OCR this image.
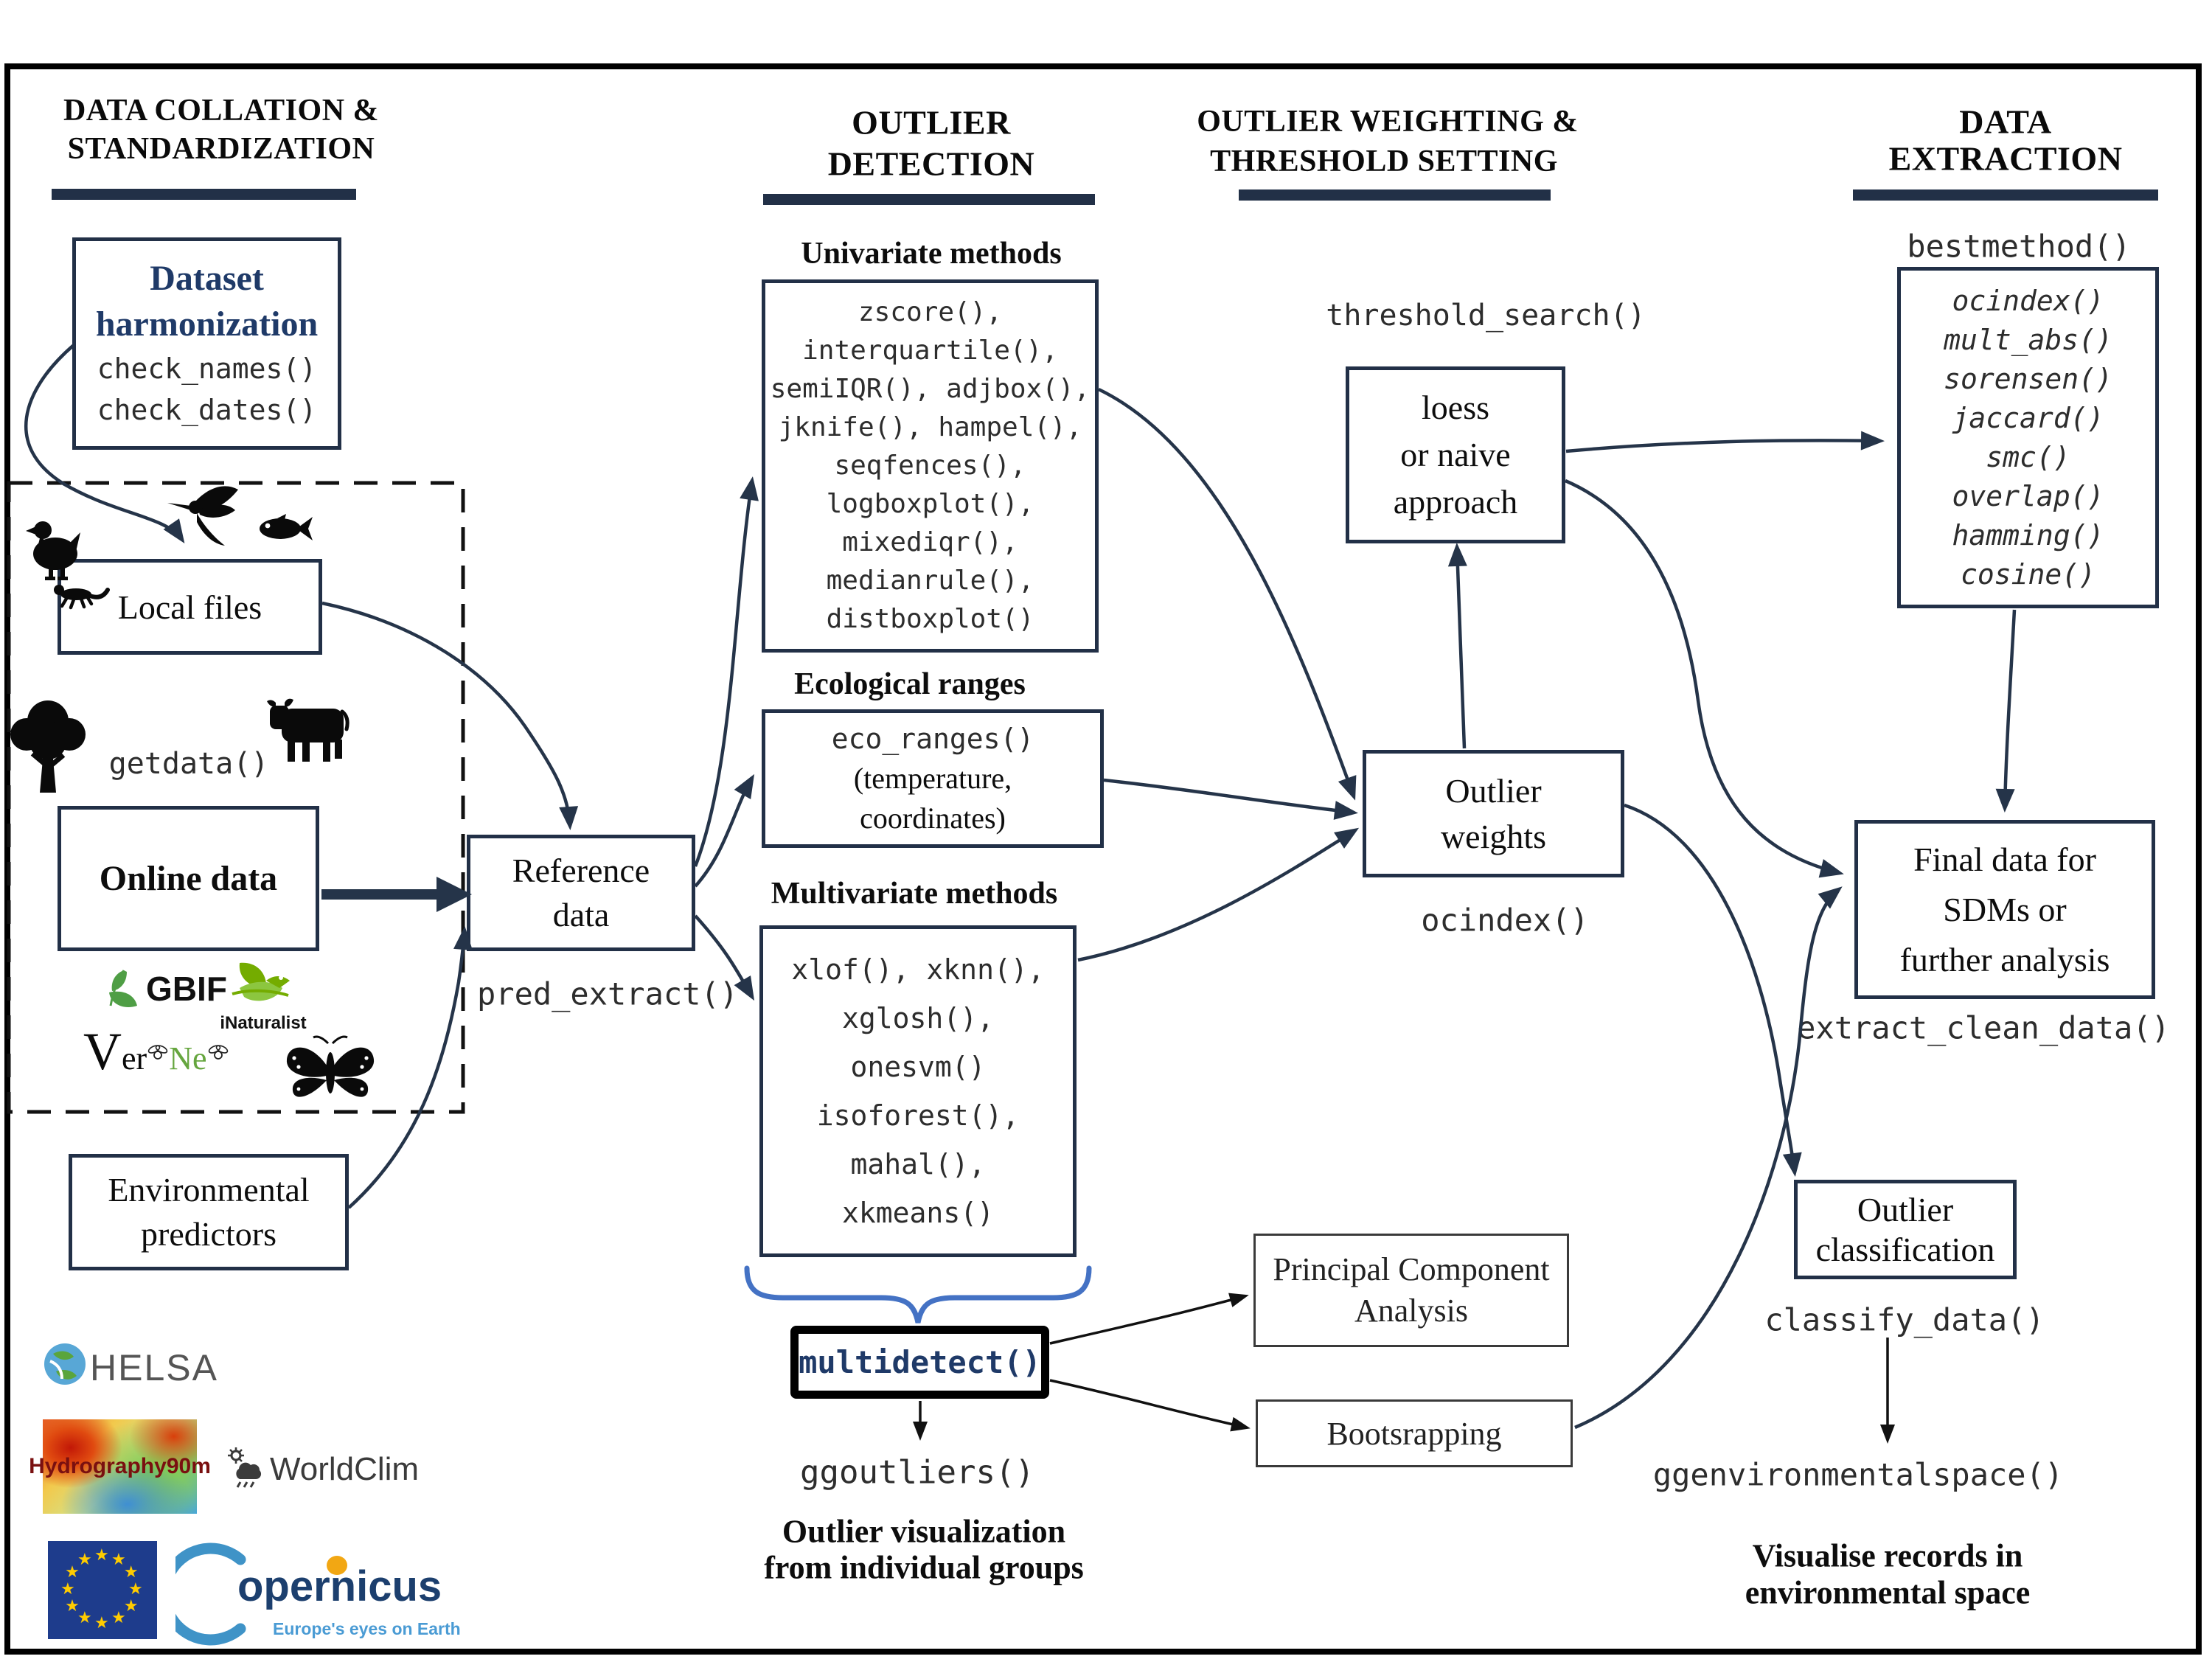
DATA COLLATION &
STANDARDIZATION
OUTLIER
DETECTION
OUTLIER WEIGHTING &
THRESHOLD SETTING
DATA
EXTRACTION
Dataset
harmonization
check_names()
check_dates()
Local files
getdata()
Online data
GBIF
iNaturalist
V er Ne
Environmental
predictors
HELSA
Hydrography90m WorldClim
★ ★
★
★
★
★
★
★
★
★
★
★
opernicus
Europe's eyes on Earth
Reference
data
pred_extract()
Univariate methods
zscore(),
interquartile(),
semiIQR(), adjbox(),
jknife(), hampel(),
seqfences(),
logboxplot(),
mixediqr(),
medianrule(),
distboxplot()
Ecological ranges
eco_ranges()
(temperature,
coordinates)
Multivariate methods
xlof(), xknn(),
xglosh(),
onesvm()
isoforest(),
mahal(),
xkmeans()
multidetect()
ggoutliers()
Outlier visualization
from individual groups
threshold_search()
loess
or naive
approach
Outlier
weights
ocindex()
Principal Component
Analysis
Bootsrapping
bestmethod()
ocindex()
mult_abs()
sorensen()
jaccard()
smc()
overlap()
hamming()
cosine()
Final data for
SDMs or
further analysis
extract_clean_data()
Outlier
classification
classify_data()
ggenvironmentalspace()
Visualise records in
environmental space
